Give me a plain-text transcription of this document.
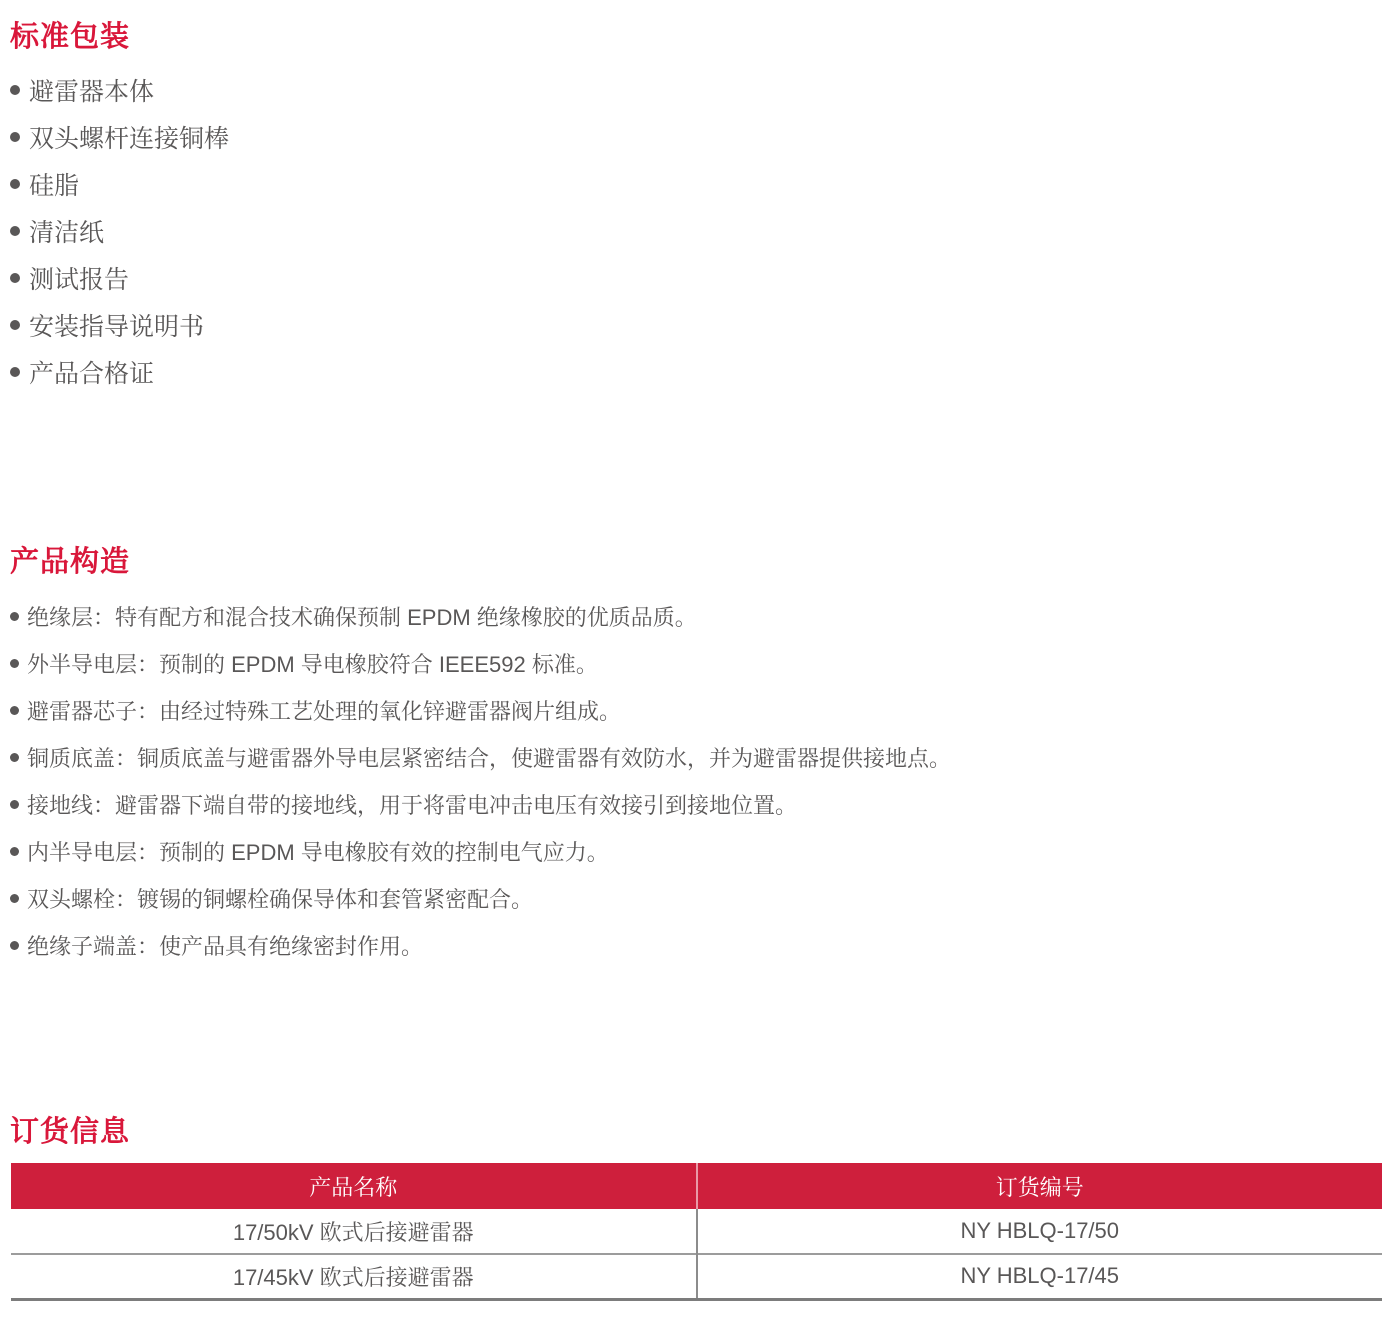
标准包装
避雷器本体
双头螺杆连接铜棒
硅脂
清洁纸
测试报告
安装指导说明书
产品合格证
产品构造
绝缘层：特有配方和混合技术确保预制 EPDM 绝缘橡胶的优质品质。
外半导电层：预制的 EPDM 导电橡胶符合 IEEE592 标准。
避雷器芯子：由经过特殊工艺处理的氧化锌避雷器阀片组成。
铜质底盖：铜质底盖与避雷器外导电层紧密结合，使避雷器有效防水，并为避雷器提供接地点。
接地线：避雷器下端自带的接地线，用于将雷电冲击电压有效接引到接地位置。
内半导电层：预制的 EPDM 导电橡胶有效的控制电气应力。
双头螺栓：镀锡的铜螺栓确保导体和套管紧密配合。
绝缘子端盖：使产品具有绝缘密封作用。
订货信息
产品名称	订货编号
17/50kV 欧式后接避雷器	NY HBLQ-17/50
17/45kV 欧式后接避雷器	NY HBLQ-17/45
